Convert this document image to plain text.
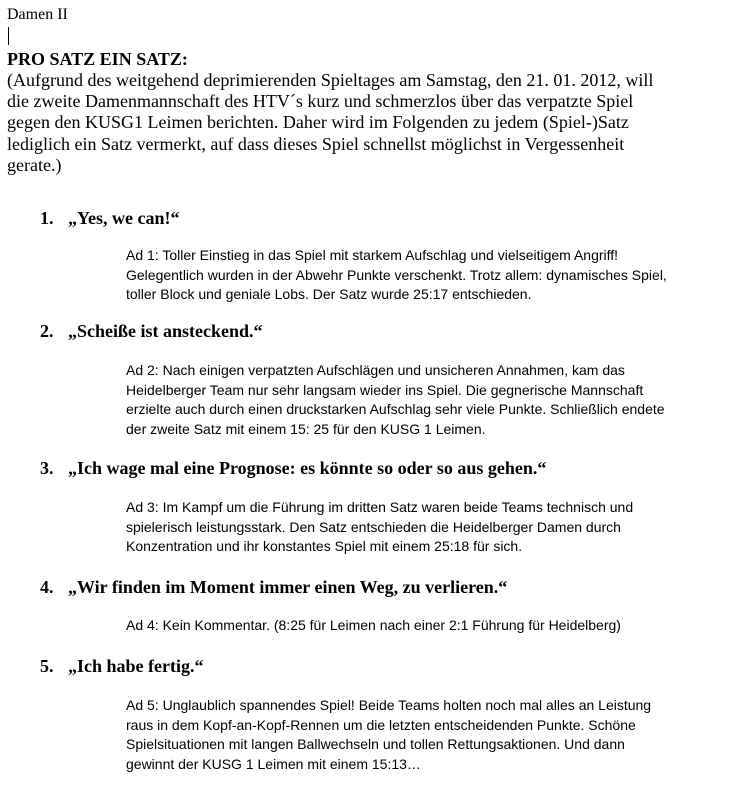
Damen II
PRO SATZ EIN SATZ:
(Aufgrund des weitgehend deprimierenden Spieltages am Samstag, den 21. 01. 2012, will
die zweite Damenmannschaft des HTV´s kurz und schmerzlos über das verpatzte Spiel
gegen den KUSG1 Leimen berichten. Daher wird im Folgenden zu jedem (Spiel-)Satz
lediglich ein Satz vermerkt, auf dass dieses Spiel schnellst möglichst in Vergessenheit
gerate.)
1. „Yes, we can!“
Ad 1: Toller Einstieg in das Spiel mit starkem Aufschlag und vielseitigem Angriff!
Gelegentlich wurden in der Abwehr Punkte verschenkt. Trotz allem: dynamisches Spiel,
toller Block und geniale Lobs. Der Satz wurde 25:17 entschieden.
2. „Scheiße ist ansteckend.“
Ad 2: Nach einigen verpatzten Aufschlägen und unsicheren Annahmen, kam das
Heidelberger Team nur sehr langsam wieder ins Spiel. Die gegnerische Mannschaft
erzielte auch durch einen druckstarken Aufschlag sehr viele Punkte. Schließlich endete
der zweite Satz mit einem 15: 25 für den KUSG 1 Leimen.
3. „Ich wage mal eine Prognose: es könnte so oder so aus gehen.“
Ad 3: Im Kampf um die Führung im dritten Satz waren beide Teams technisch und
spielerisch leistungsstark. Den Satz entschieden die Heidelberger Damen durch
Konzentration und ihr konstantes Spiel mit einem 25:18 für sich.
4. „Wir finden im Moment immer einen Weg, zu verlieren.“
Ad 4: Kein Kommentar. (8:25 für Leimen nach einer 2:1 Führung für Heidelberg)
5. „Ich habe fertig.“
Ad 5: Unglaublich spannendes Spiel! Beide Teams holten noch mal alles an Leistung
raus in dem Kopf-an-Kopf-Rennen um die letzten entscheidenden Punkte. Schöne
Spielsituationen mit langen Ballwechseln und tollen Rettungsaktionen. Und dann
gewinnt der KUSG 1 Leimen mit einem 15:13…
